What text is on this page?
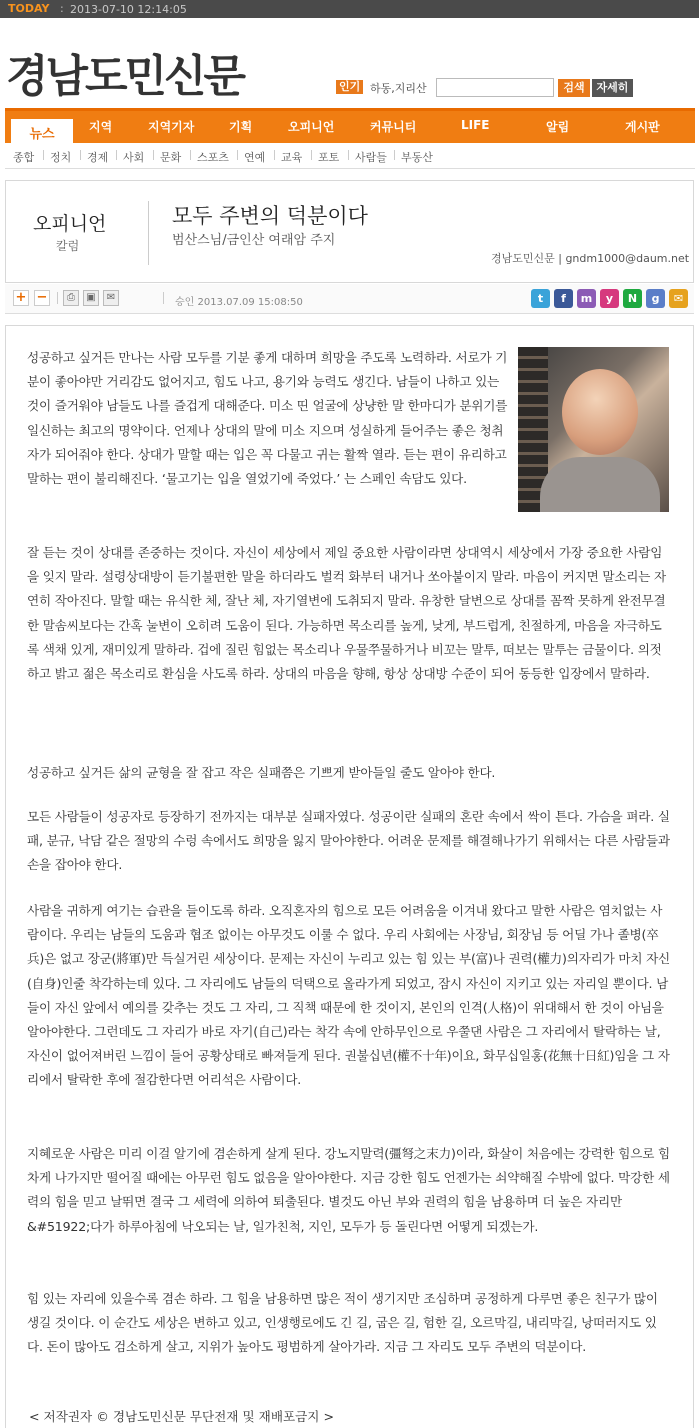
TODAY : 2013-07-10 12:14:05
경남도민신문	인기 하동,지리산	검색	자세히
뉴스	지역	지역기자	기획	오피니언	커뮤니티	LIFE	알림	게시판
종합 정치 경제 사회 문화 스포츠 연예 교육 포토 사람들 부동산
오피니언
칼럼
모두 주변의 덕분이다
범산스님/금인산 여래암 주지
경남도민신문 | gndm1000@daum.net
+ −	⎙	▣	✉	승인 2013.07.09 15:08:50	t	f	m	y	N	g	✉
성공하고 싶거든 만나는 사람 모두를 기분 좋게 대하며 희망을 주도록 노력하라. 서로가 기분이 좋아야만 거리감도 없어지고, 힘도 나고, 용기와 능력도 생긴다. 남들이 나하고 있는 것이 즐거워야 남들도 나를 즐겁게 대해준다. 미소 띤 얼굴에 상냥한 말 한마디가 분위기를 일신하는 최고의 명약이다. 언제나 상대의 말에 미소 지으며 성실하게 들어주는 좋은 청취자가 되어줘야 한다. 상대가 말할 때는 입은 꼭 다물고 귀는 활짝 열라. 듣는 편이 유리하고 말하는 편이 불리해진다. ‘물고기는 입을 열었기에 죽었다.’ 는 스페인 속담도 있다.
잘 듣는 것이 상대를 존중하는 것이다. 자신이 세상에서 제일 중요한 사람이라면 상대역시 세상에서 가장 중요한 사람임을 잊지 말라. 설령상대방이 듣기불편한 말을 하더라도 벌컥 화부터 내거나 쏘아붙이지 말라. 마음이 커지면 말소리는 자연히 작아진다. 말할 때는 유식한 체, 잘난 체, 자기열변에 도취되지 말라. 유창한 달변으로 상대를 꼼짝 못하게 완전무결한 말솜씨보다는 간혹 눌변이 오히려 도움이 된다. 가능하면 목소리를 높게, 낮게, 부드럽게, 친절하게, 마음을 자극하도록 색채 있게, 재미있게 말하라. 겁에 질린 힘없는 목소리나 우물쭈물하거나 비꼬는 말투, 떠보는 말투는 금물이다. 의젓하고 밝고 젊은 목소리로 환심을 사도록 하라. 상대의 마음을 향해, 항상 상대방 수준이 되어 동등한 입장에서 말하라.
성공하고 싶거든 삶의 균형을 잘 잡고 작은 실패쯤은 기쁘게 받아들일 줄도 알아야 한다.
모든 사람들이 성공자로 등장하기 전까지는 대부분 실패자였다. 성공이란 실패의 혼란 속에서 싹이 튼다. 가슴을 펴라. 실패, 분규, 낙담 같은 절망의 수렁 속에서도 희망을 잃지 말아야한다. 어려운 문제를 해결해나가기 위해서는 다른 사람들과 손을 잡아야 한다.
사람을 귀하게 여기는 습관을 들이도록 하라. 오직혼자의 힘으로 모든 어려움을 이겨내 왔다고 말한 사람은 염치없는 사람이다. 우리는 남들의 도움과 협조 없이는 아무것도 이룰 수 없다. 우리 사회에는 사장님, 회장님 등 어딜 가나 졸병(卒兵)은 없고 장군(將軍)만 득실거린 세상이다. 문제는 자신이 누리고 있는 힘 있는 부(富)나 권력(權力)의자리가 마치 자신(自身)인줄 착각하는데 있다. 그 자리에도 남들의 덕택으로 올라가게 되었고, 잠시 자신이 지키고 있는 자리일 뿐이다. 남들이 자신 앞에서 예의를 갖추는 것도 그 자리, 그 직책 때문에 한 것이지, 본인의 인격(人格)이 위대해서 한 것이 아님을 알아야한다. 그런데도 그 자리가 바로 자기(自己)라는 착각 속에 안하무인으로 우쭐댄 사람은 그 자리에서 탈락하는 날, 자신이 없어져버린 느낌이 들어 공황상태로 빠져들게 된다. 권불십년(權不十年)이요, 화무십일홍(花無十日紅)임을 그 자리에서 탈락한 후에 절감한다면 어리석은 사람이다.
지혜로운 사람은 미리 이걸 알기에 겸손하게 살게 된다. 강노지말력(彊弩之末力)이라, 화살이 처음에는 강력한 힘으로 힘차게 나가지만 떨어질 때에는 아무런 힘도 없음을 알아야한다. 지금 강한 힘도 언젠가는 쇠약해질 수밖에 없다. 막강한 세력의 힘을 믿고 날뛰면 결국 그 세력에 의하여 퇴출된다. 별것도 아닌 부와 권력의 힘을 남용하며 더 높은 자리만 &#51922;다가 하루아침에 낙오되는 날, 일가친척, 지인, 모두가 등 돌린다면 어떻게 되겠는가.
힘 있는 자리에 있을수록 겸손 하라. 그 힘을 남용하면 많은 적이 생기지만 조심하며 공정하게 다루면 좋은 친구가 많이 생길 것이다. 이 순간도 세상은 변하고 있고, 인생행로에도 긴 길, 굽은 길, 험한 길, 오르막길, 내리막길, 낭떠러지도 있다. 돈이 많아도 검소하게 살고, 지위가 높아도 평범하게 살아가라. 지금 그 자리도 모두 주변의 덕분이다.
< 저작권자 © 경남도민신문 무단전재 및 재배포금지 >
